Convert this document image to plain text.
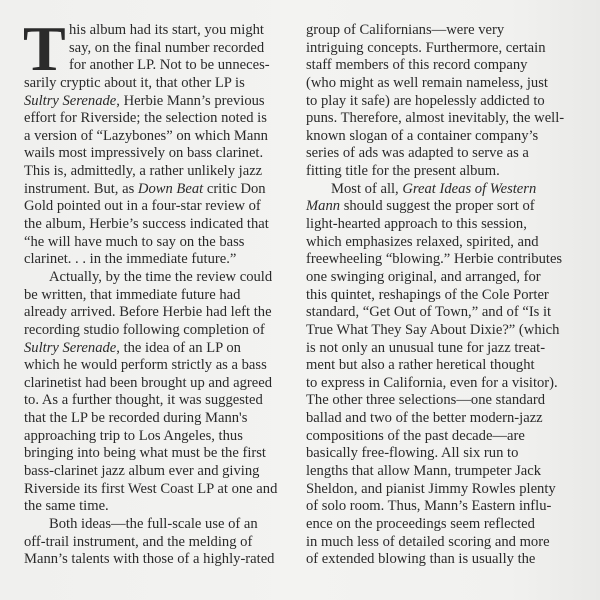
T his album had its start, you might
say, on the final number recorded
for another LP. Not to be unneces-
sarily cryptic about it, that other LP is
Sultry Serenade, Herbie Mann’s previous
effort for Riverside; the selection noted is
a version of “Lazybones” on which Mann
wails most impressively on bass clarinet.
This is, admittedly, a rather unlikely jazz
instrument. But, as Down Beat critic Don
Gold pointed out in a four-star review of
the album, Herbie’s success indicated that
“he will have much to say on the bass
clarinet. . . in the immediate future.”
Actually, by the time the review could
be written, that immediate future had
already arrived. Before Herbie had left the
recording studio following completion of
Sultry Serenade, the idea of an LP on
which he would perform strictly as a bass
clarinetist had been brought up and agreed
to. As a further thought, it was suggested
that the LP be recorded during Mann's
approaching trip to Los Angeles, thus
bringing into being what must be the first
bass-clarinet jazz album ever and giving
Riverside its first West Coast LP at one and
the same time.
Both ideas—the full-scale use of an
off-trail instrument, and the melding of
Mann’s talents with those of a highly-rated
group of Californians—were very
intriguing concepts. Furthermore, certain
staff members of this record company
(who might as well remain nameless, just
to play it safe) are hopelessly addicted to
puns. Therefore, almost inevitably, the well-
known slogan of a container company’s
series of ads was adapted to serve as a
fitting title for the present album.
Most of all, Great Ideas of Western
Mann should suggest the proper sort of
light-hearted approach to this session,
which emphasizes relaxed, spirited, and
freewheeling “blowing.” Herbie contributes
one swinging original, and arranged, for
this quintet, reshapings of the Cole Porter
standard, “Get Out of Town,” and of “Is it
True What They Say About Dixie?” (which
is not only an unusual tune for jazz treat-
ment but also a rather heretical thought
to express in California, even for a visitor).
The other three selections—one standard
ballad and two of the better modern-jazz
compositions of the past decade—are
basically free-flowing. All six run to
lengths that allow Mann, trumpeter Jack
Sheldon, and pianist Jimmy Rowles plenty
of solo room. Thus, Mann’s Eastern influ-
ence on the proceedings seem reflected
in much less of detailed scoring and more
of extended blowing than is usually the
